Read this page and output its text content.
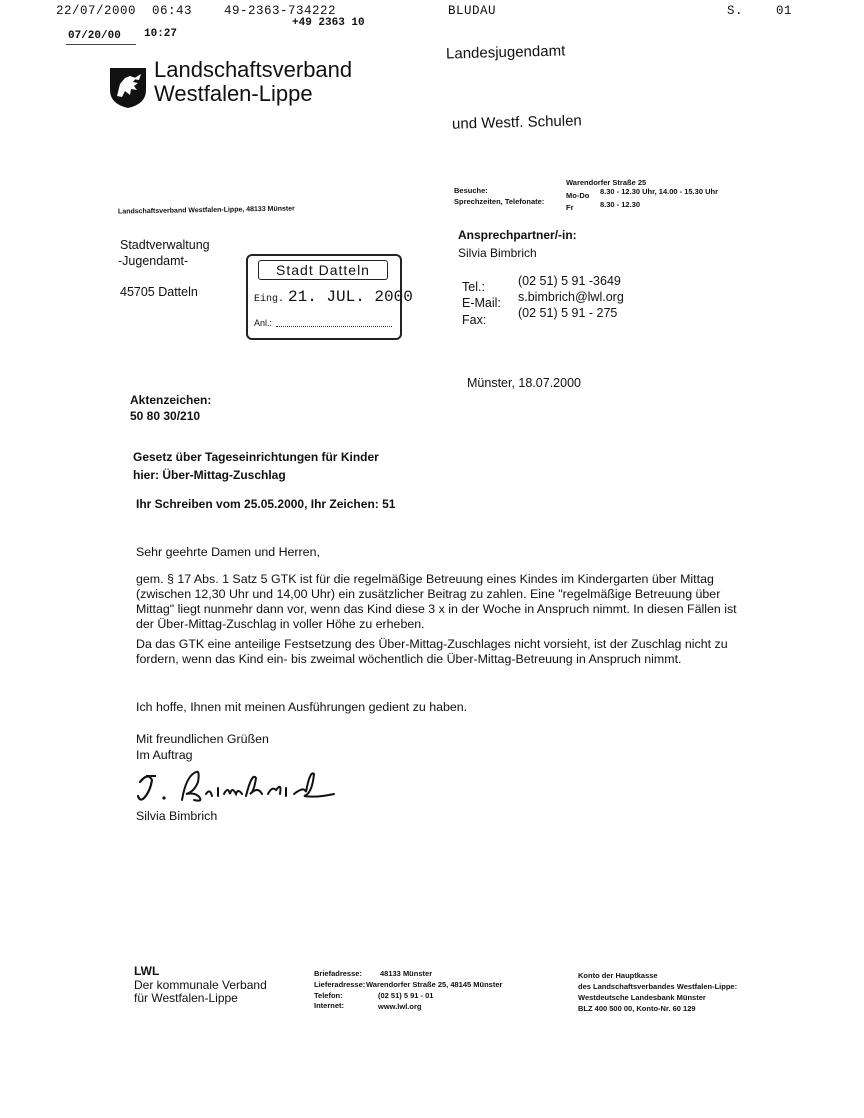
22/07/2000 06:43	49-2363-734222	BLUDAU	S.	01
+49 2363 10
07/20/00 10:27
Landschaftsverband
Westfalen-Lippe
Landesjugendamt
und Westf. Schulen
Besuche:
Warendorfer Straße 25
Sprechzeiten, Telefonate:
Mo-Do 8.30 - 12.30 Uhr, 14.00 - 15.30 Uhr
Fr	8.30 - 12.30
Landschaftsverband Westfalen-Lippe, 48133 Münster
Stadtverwaltung
-Jugendamt-
45705 Datteln
Stadt Datteln
Eing. 21. JUL. 2000
Anl.:
Ansprechpartner/-in:
Silvia Bimbrich
Tel.:	(02 51) 5 91 -3649
E-Mail: s.bimbrich@lwl.org
Fax:	(02 51) 5 91 - 275
Münster, 18.07.2000
Aktenzeichen:
50 80 30/210
Gesetz über Tageseinrichtungen für Kinder
hier: Über-Mittag-Zuschlag
Ihr Schreiben vom 25.05.2000, Ihr Zeichen: 51
Sehr geehrte Damen und Herren,
gem. § 17 Abs. 1 Satz 5 GTK ist für die regelmäßige Betreuung eines Kindes im Kindergarten über Mittag (zwischen 12,30 Uhr und 14,00 Uhr) ein zusätzlicher Beitrag zu zahlen. Eine "regelmäßige Betreuung über Mittag" liegt nunmehr dann vor, wenn das Kind diese 3 x in der Woche in Anspruch nimmt. In diesen Fällen ist der Über-Mittag-Zuschlag in voller Höhe zu erheben.
Da das GTK eine anteilige Festsetzung des Über-Mittag-Zuschlages nicht vorsieht, ist der Zuschlag nicht zu fordern, wenn das Kind ein- bis zweimal wöchentlich die Über-Mittag-Betreuung in Anspruch nimmt.
Ich hoffe, Ihnen mit meinen Ausführungen gedient zu haben.
Mit freundlichen Grüßen
Im Auftrag
Silvia Bimbrich
LWL
Der kommunale Verband
für Westfalen-Lippe
Briefadresse: 48133 Münster
Lieferadresse: Warendorfer Straße 25, 48145 Münster
Telefon:	(02 51) 5 91 - 01
Internet:	www.lwl.org
Konto der Hauptkasse
des Landschaftsverbandes Westfalen-Lippe:
Westdeutsche Landesbank Münster
BLZ 400 500 00, Konto-Nr. 60 129
